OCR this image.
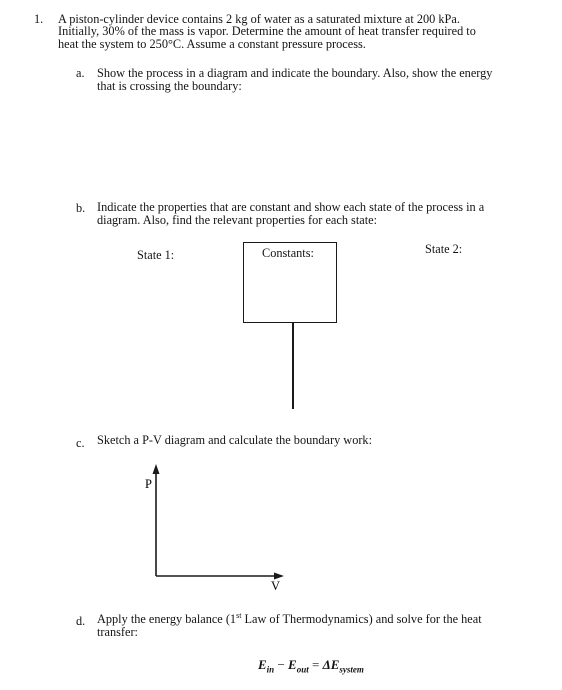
1. A piston-cylinder device contains 2 kg of water as a saturated mixture at 200 kPa.
Initially, 30% of the mass is vapor. Determine the amount of heat transfer required to
heat the system to 250°C. Assume a constant pressure process.
a. Show the process in a diagram and indicate the boundary. Also, show the energy
that is crossing the boundary:
b. Indicate the properties that are constant and show each state of the process in a
diagram. Also, find the relevant properties for each state:
State 1:	Constants:	State 2:
c. Sketch a P-V diagram and calculate the boundary work:
P
V
d. Apply the energy balance (1st Law of Thermodynamics) and solve for the heat
transfer:
$E_{in} - E_{out} = \Delta E_{system}$
